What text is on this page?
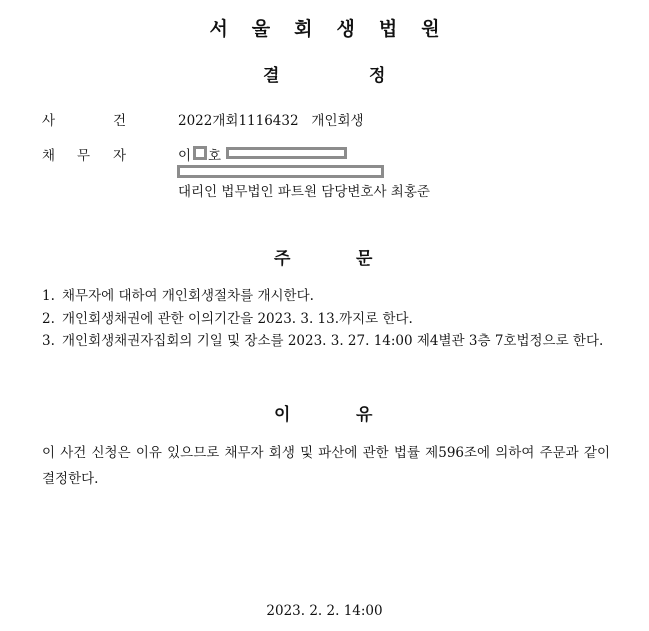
서울회생법원
결	정
사	건	2022개회1116432   개인회생
채 무 자	이 호
대리인 법무법인 파트원 담당변호사 최홍준
주	문
1. 채무자에 대하여 개인회생절차를 개시한다.
2. 개인회생채권에 관한 이의기간을 2023. 3. 13.까지로 한다.
3. 개인회생채권자집회의 기일 및 장소를 2023. 3. 27. 14:00 제4별관 3층 7호법정으로 한다.
이	유
이 사건 신청은 이유 있으므로 채무자 회생 및 파산에 관한 법률 제596조에 의하여 주문과 같이 결정한다.
2023. 2. 2. 14:00
